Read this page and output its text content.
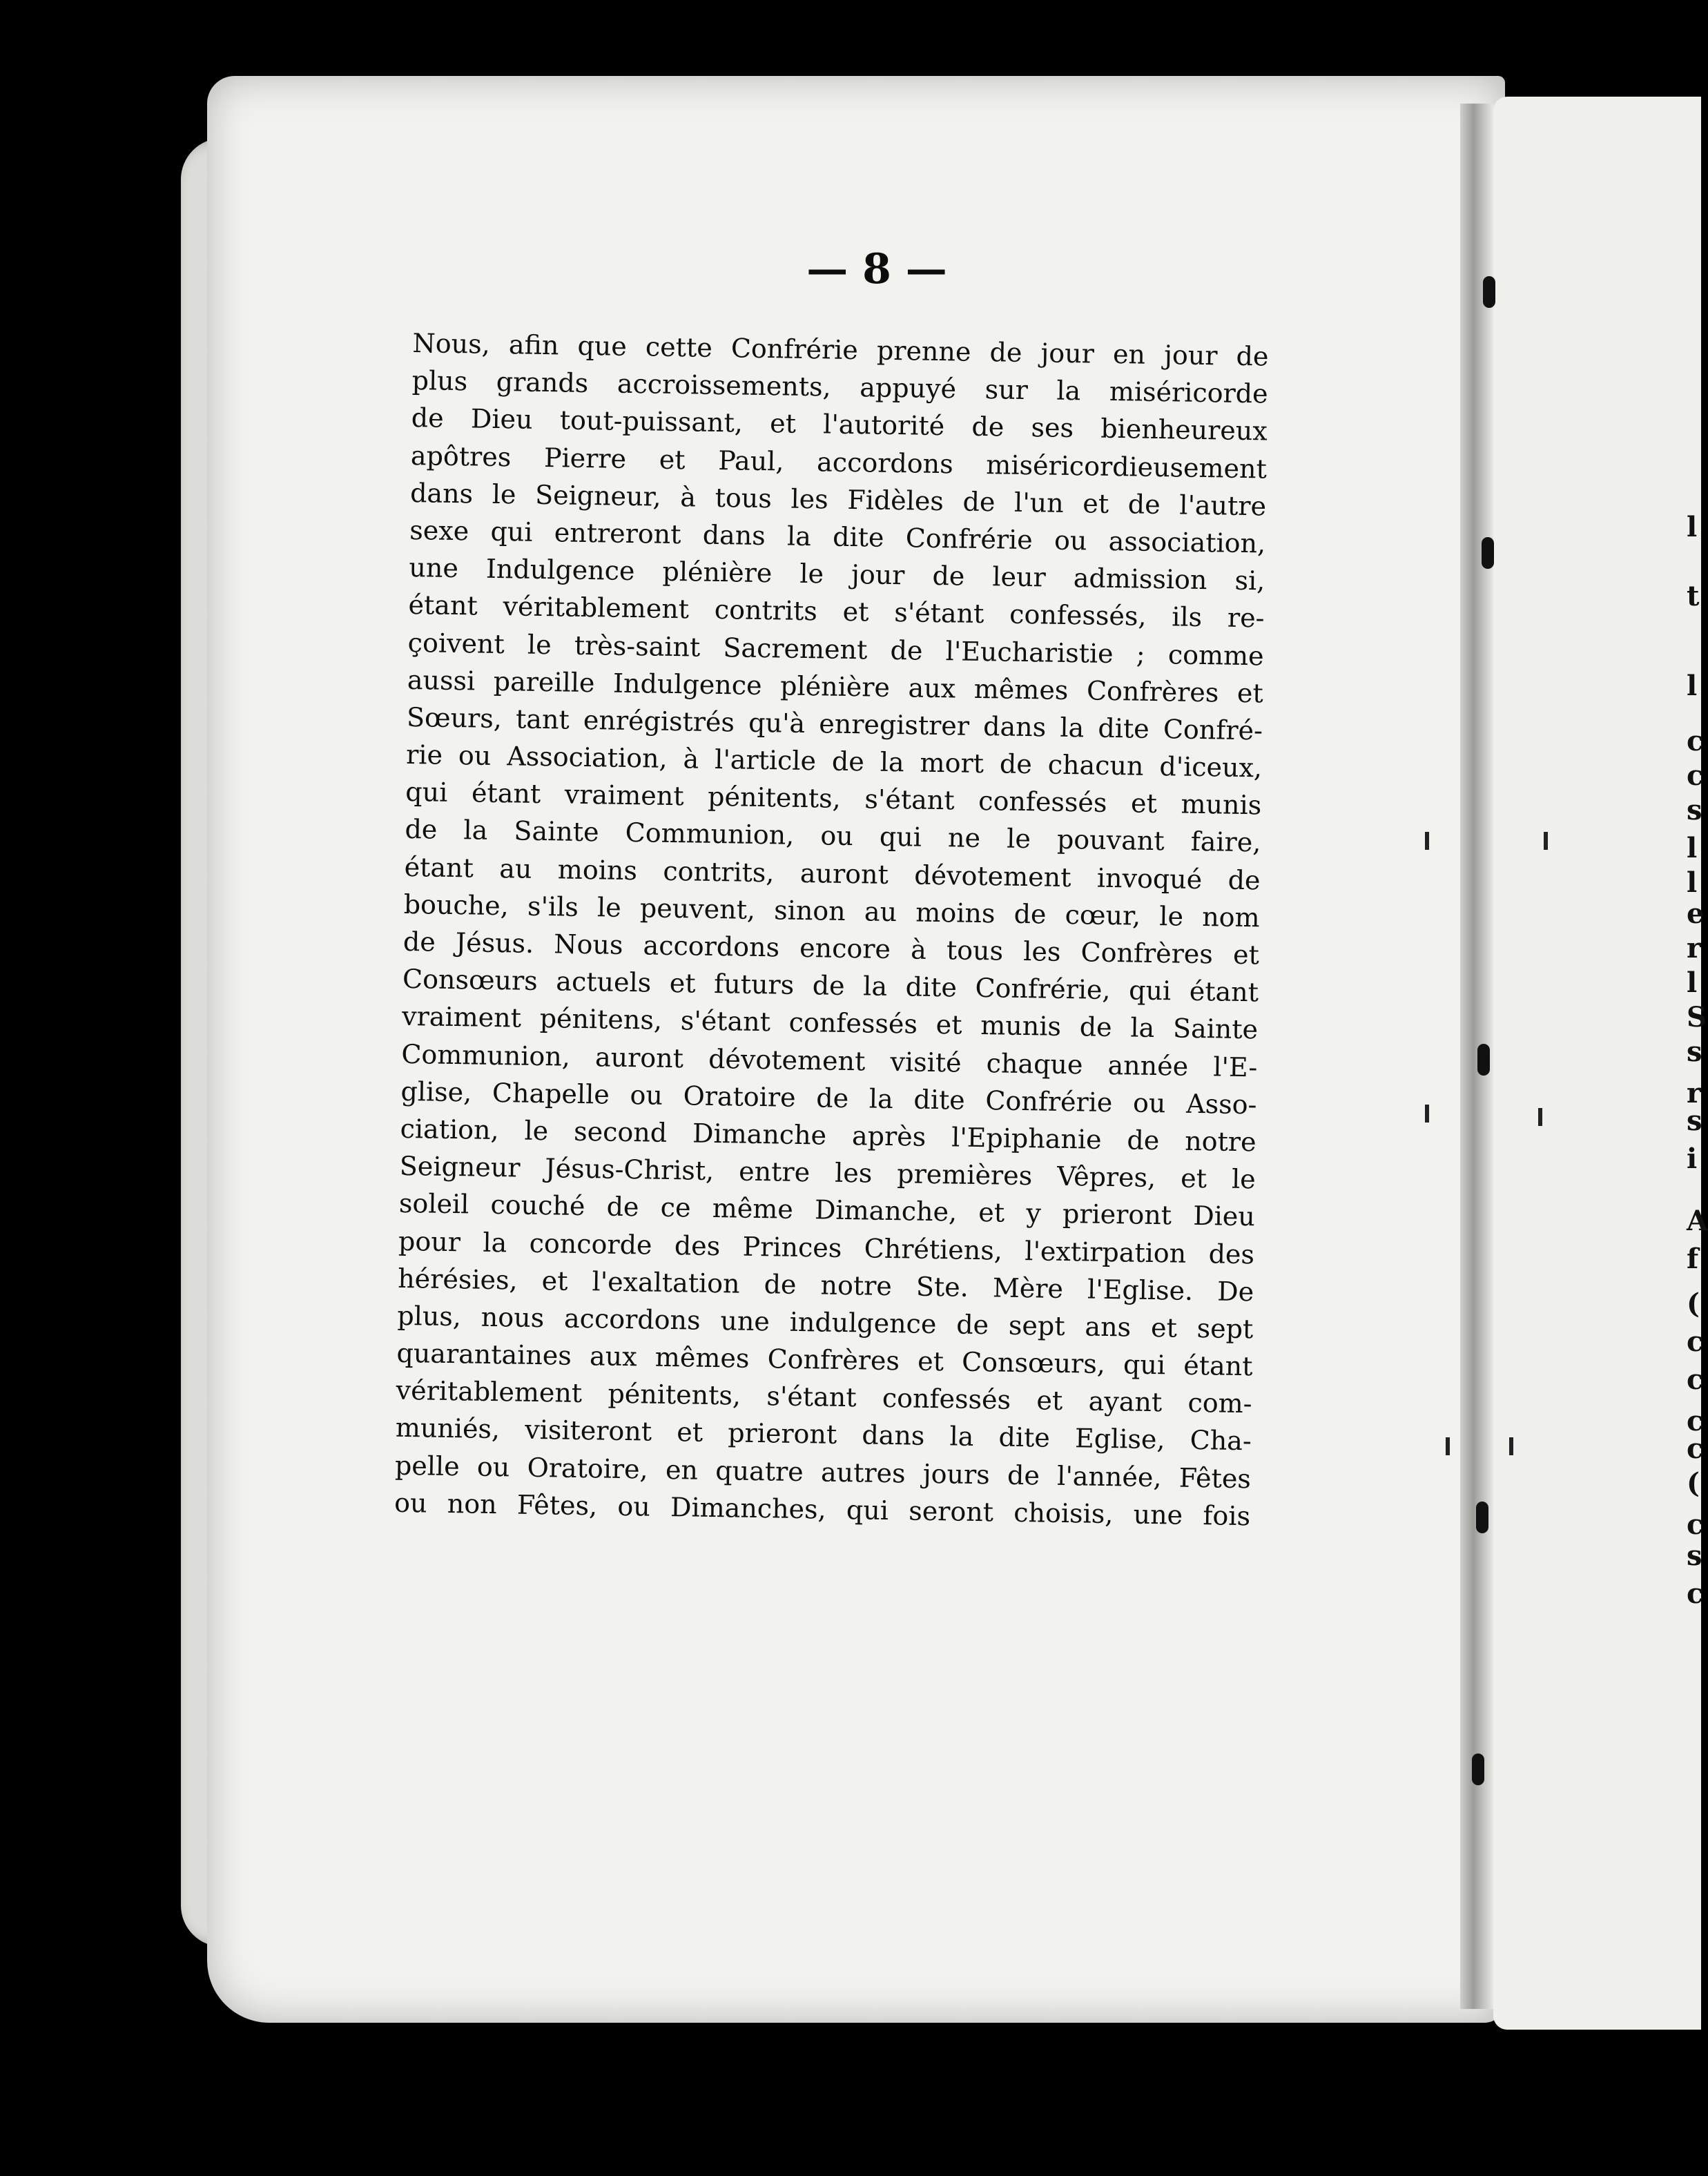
l
t
l
c
c
s
l
l
e
r
l
S
s
r
s
i
A
f
(
c
c
c
c
(
c
s
c
— 8 —
Nous, afin que cette Confrérie prenne de jour en jour de
plus grands accroissements, appuyé sur la miséricorde
de Dieu tout-puissant, et l'autorité de ses bienheureux
apôtres Pierre et Paul, accordons miséricordieusement
dans le Seigneur, à tous les Fidèles de l'un et de l'autre
sexe qui entreront dans la dite Confrérie ou association,
une Indulgence plénière le jour de leur admission si,
étant véritablement contrits et s'étant confessés, ils re-
çoivent le très-saint Sacrement de l'Eucharistie ; comme
aussi pareille Indulgence plénière aux mêmes Confrères et
Sœurs, tant enrégistrés qu'à enregistrer dans la dite Confré-
rie ou Association, à l'article de la mort de chacun d'iceux,
qui étant vraiment pénitents, s'étant confessés et munis
de la Sainte Communion, ou qui ne le pouvant faire,
étant au moins contrits, auront dévotement invoqué de
bouche, s'ils le peuvent, sinon au moins de cœur, le nom
de Jésus. Nous accordons encore à tous les Confrères et
Consœurs actuels et futurs de la dite Confrérie, qui étant
vraiment pénitens, s'étant confessés et munis de la Sainte
Communion, auront dévotement visité chaque année l'E-
glise, Chapelle ou Oratoire de la dite Confrérie ou Asso-
ciation, le second Dimanche après l'Epiphanie de notre
Seigneur Jésus-Christ, entre les premières Vêpres, et le
soleil couché de ce même Dimanche, et y prieront Dieu
pour la concorde des Princes Chrétiens, l'extirpation des
hérésies, et l'exaltation de notre Ste. Mère l'Eglise. De
plus, nous accordons une indulgence de sept ans et sept
quarantaines aux mêmes Confrères et Consœurs, qui étant
véritablement pénitents, s'étant confessés et ayant com-
muniés, visiteront et prieront dans la dite Eglise, Cha-
pelle ou Oratoire, en quatre autres jours de l'année, Fêtes
ou non Fêtes, ou Dimanches, qui seront choisis, une fois
